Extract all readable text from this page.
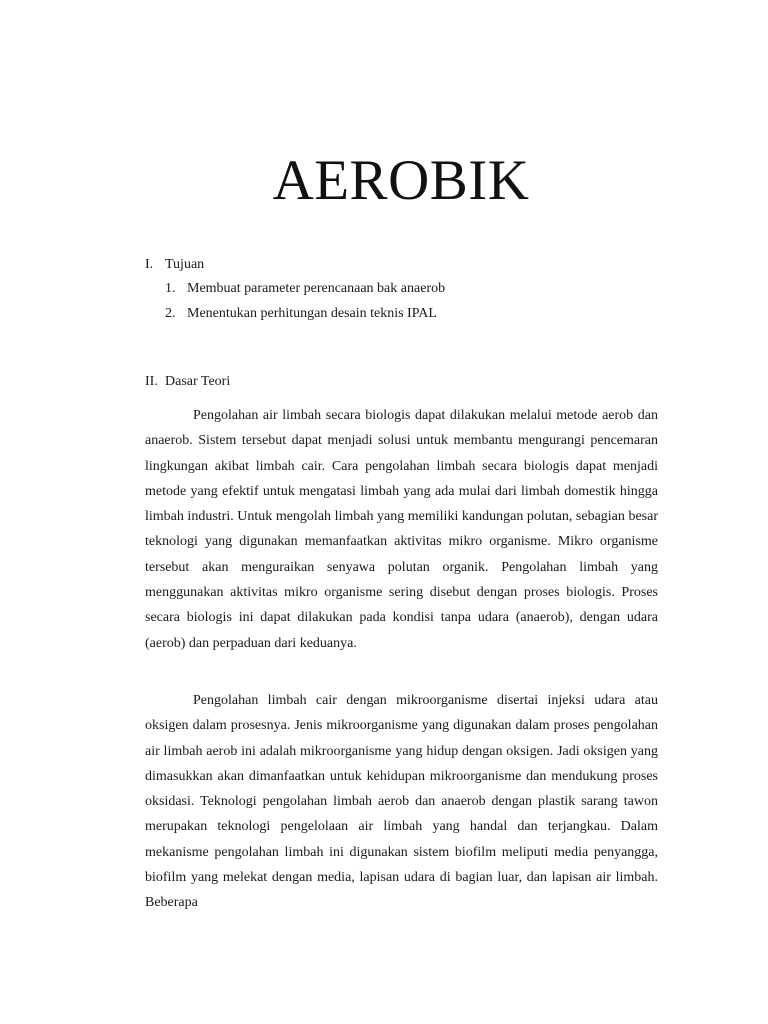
AEROBIK
I. Tujuan
1. Membuat parameter perencanaan bak anaerob
2. Menentukan perhitungan desain teknis IPAL
II. Dasar Teori

Pengolahan air limbah secara biologis dapat dilakukan melalui metode aerob dan anaerob. Sistem tersebut dapat menjadi solusi untuk membantu mengurangi pencemaran lingkungan akibat limbah cair. Cara pengolahan limbah secara biologis dapat menjadi metode yang efektif untuk mengatasi limbah yang ada mulai dari limbah domestik hingga limbah industri. Untuk mengolah limbah yang memiliki kandungan polutan, sebagian besar teknologi yang digunakan memanfaatkan aktivitas mikro organisme. Mikro organisme tersebut akan menguraikan senyawa polutan organik. Pengolahan limbah yang menggunakan aktivitas mikro organisme sering disebut dengan proses biologis. Proses secara biologis ini dapat dilakukan pada kondisi tanpa udara (anaerob), dengan udara (aerob) dan perpaduan dari keduanya.

Pengolahan limbah cair dengan mikroorganisme disertai injeksi udara atau oksigen dalam prosesnya. Jenis mikroorganisme yang digunakan dalam proses pengolahan air limbah aerob ini adalah mikroorganisme yang hidup dengan oksigen. Jadi oksigen yang dimasukkan akan dimanfaatkan untuk kehidupan mikroorganisme dan mendukung proses oksidasi. Teknologi pengolahan limbah aerob dan anaerob dengan plastik sarang tawon merupakan teknologi pengelolaan air limbah yang handal dan terjangkau. Dalam mekanisme pengolahan limbah ini digunakan sistem biofilm meliputi media penyangga, biofilm yang melekat dengan media, lapisan udara di bagian luar, dan lapisan air limbah. Beberapa
